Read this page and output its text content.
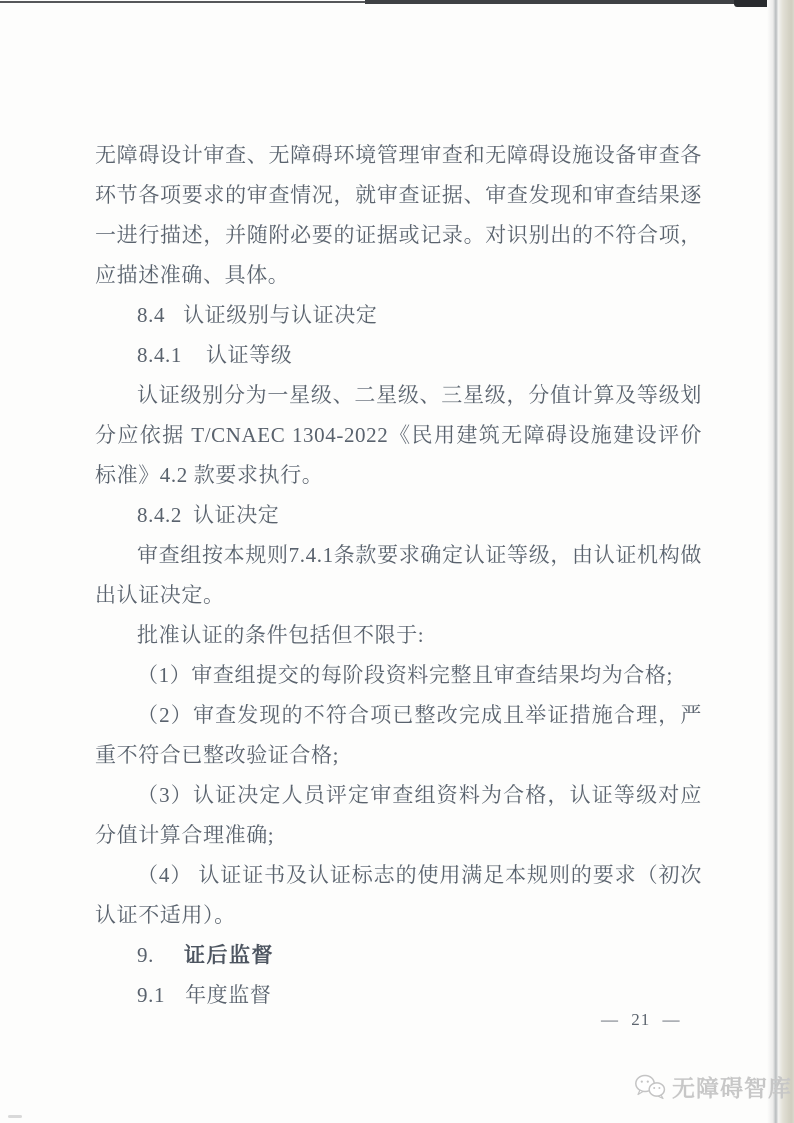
无障碍设计审查、无障碍环境管理审查和无障碍设施设备审查各环节各项要求的审查情况，就审查证据、审查发现和审查结果逐一进行描述，并随附必要的证据或记录。对识别出的不符合项，应描述准确、具体。

8.4 认证级别与认证决定
8.4.1 认证等级

认证级别分为一星级、二星级、三星级，分值计算及等级划分应依据 T/CNAEC 1304-2022《民用建筑无障碍设施建设评价标准》4.2 款要求执行。

8.4.2 认证决定

审查组按本规则7.4.1条款要求确定认证等级，由认证机构做出认证决定。

批准认证的条件包括但不限于:

（1）审查组提交的每阶段资料完整且审查结果均为合格;

（2）审查发现的不符合项已整改完成且举证措施合理，严重不符合已整改验证合格;

（3）认证决定人员评定审查组资料为合格，认证等级对应分值计算合理准确;

（4） 认证证书及认证标志的使用满足本规则的要求（初次认证不适用）。

9. 证后监督
9.1 年度监督
— 21 —
无障碍智库
